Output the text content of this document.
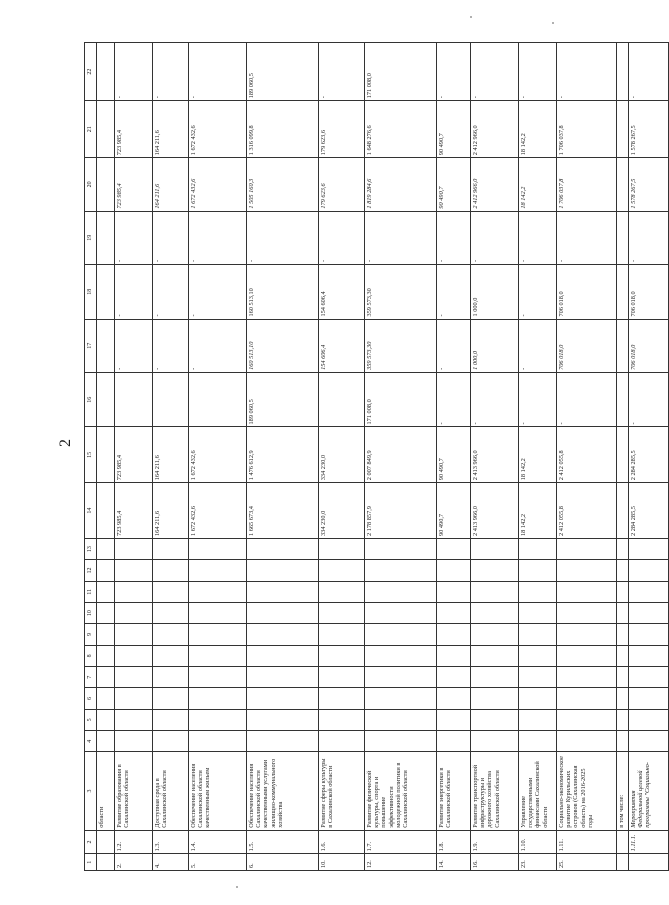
2
1	2	3	4	5	6	7	8	9	10	11	12	13	14	15	16	17	18	19	20	21	22
		области																			
2.	1.2.	Развитие образования в Сахалинской области											723 985,4	723 985,4		-	-	-	723 985,4	723 985,4	-
4.	1.3.	Доступная среда в Сахалинской области											164 211,6	164 211,6		-	-	-	164 211,6	164 211,6	-
5.	1.4.	Обеспечение населения Сахалинской области качественным жильем											1 672 432,6	1 672 432,6		-	-	-	1 672 432,6	1 672 432,6	-
6.	1.5.	Обеспечение населения Сахалинской области качественными услугами жилищно-коммунального хозяйства											1 665 673,4	1 476 612,9	189 060,5	160 513,10	160 513,10	-	1 505 160,3	1 316 099,8	189 060,5
10.	1.6.	Развитие сферы культуры в Сахалинской области											334 230,0	334 230,0		154 606,4	154 606,4	-	179 623,6	179 623,6	-
12.	1.7.	Развитие физической культуры, спорта и повышение эффективности молодежной политики в Сахалинской области											2 178 857,9	2 007 849,9	171 008,0	359 573,30	359 573,30	-	1 819 284,6	1 648 276,6	171 008,0
14.	1.8.	Развитие энергетики в Сахалинской области											90 490,7	90 490,7	-	-	-	-	90 490,7	90 490,7	-
16.	1.9.	Развитие транспортной инфраструктуры и дорожного хозяйства Сахалинской области											2 413 966,0	2 413 966,0	-	1 000,0	1 000,0	-	2 412 966,0	2 412 966,0	-
23.	1.10.	Управление государственными финансами Сахалинской области											18 142,2	18 142,2	-	-	-	-	18 142,2	18 142,2	-
25.	1.11.	Социально-экономическое развитие Курильских островов (Сахалинская область) на 2016-2025 годы											2 412 055,8	2 412 055,8	-	706 018,0	706 018,0	-	1 706 037,8	1 706 037,8	-
		в том числе:																			
	1.11.1.	Мероприятия Федеральной целевой программы "Социально-											2 284 285,5	2 284 285,5	-	706 018,0	706 018,0	-	1 578 267,5	1 578 267,5	-
